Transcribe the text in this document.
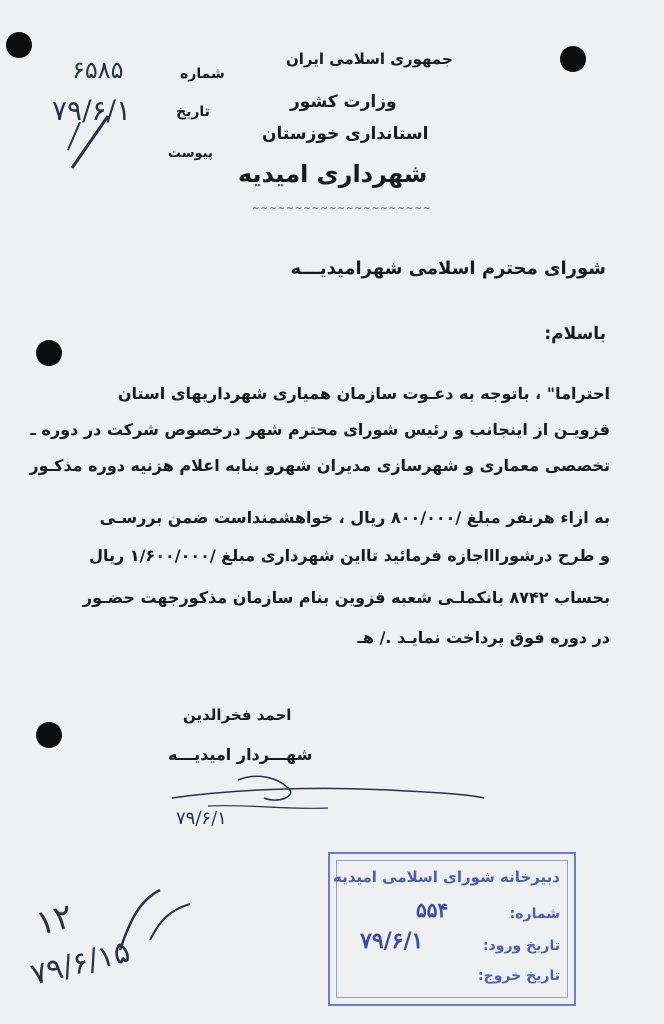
جمهوری اسلامی ایران
وزارت کشور
استانداری خوزستان
شهرداری امیدیه
~~~~~~~~~~~~~~~~~~~~~
شماره
۶۵۸۵
تاریخ
۷۹/۶/۱
پیوست
شورای محترم اسلامی شهرامیدیـــه
باسلام:
احتراما" ، باتوجه به دعـوت سازمان همیاری شهرداریهای استان
قزویـن از اینجانب و رئیس شورای محترم شهر درخصوص شرکت در دوره ـ
تخصصی معماری و شهرسازی مدیران شهرو بنابه اعلام هزنیه دوره مذکـور
به ازاء هرنفر مبلغ /۸۰۰/۰۰۰ ریال ، خواهشمنداست ضمن بررسـی
و طرح درشوراااجازه فرمائید تااین شهرداری مبلغ /۱/۶۰۰/۰۰۰ ریال
بحساب ۸۷۴۲ بانکملـی شعبه قزوین بنام سازمان مذکورجهت حضـور
در دوره فوق پرداخت نمایـد ./ هـ
احمد فخرالدین
شهـــردار امیدیـــه
۷۹/۶/۱
۱۲
۷۹/۶/۱۵
دبیرخانه شورای اسلامی امیدیه
شماره:
۵۵۴
تاریخ ورود:
۷۹/۶/۱
تاریخ خروج:
